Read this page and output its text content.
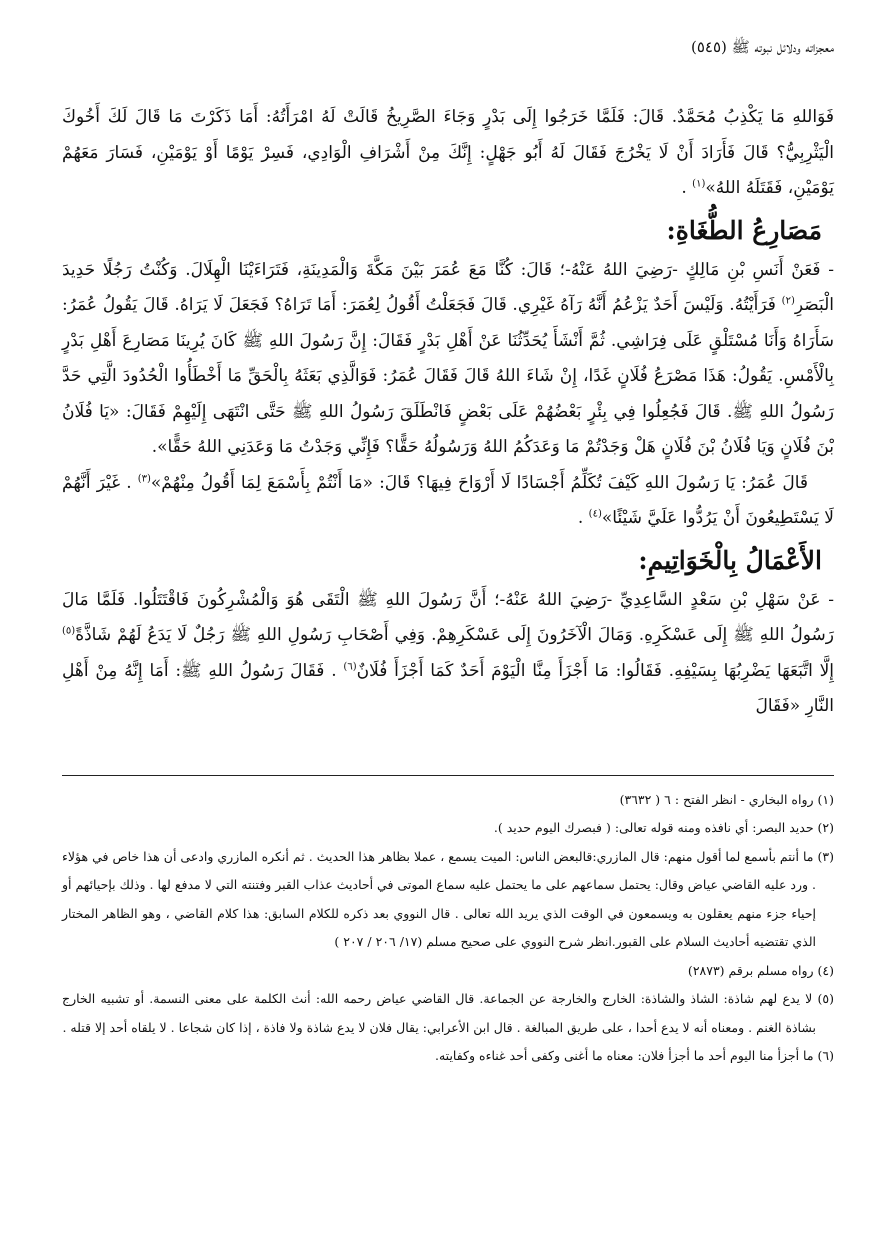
معجزاته ودلائل نبوته ﷺ (٥٤٥)

فَوَاللهِ مَا يَكْذِبُ مُحَمَّدٌ. قَالَ: فَلَمَّا خَرَجُوا إِلَى بَدْرٍ وَجَاءَ الصَّرِيخُ قَالَتْ لَهُ امْرَأَتُهُ: أَمَا ذَكَرْتَ مَا قَالَ لَكَ أَخُوكَ الْيَثْرِبِيُّ؟ قَالَ فَأَرَادَ أَنْ لَا يَخْرُجَ فَقَالَ لَهُ أَبُو جَهْلٍ: إِنَّكَ مِنْ أَشْرَافِ الْوَادِي، فَسِرْ يَوْمًا أَوْ يَوْمَيْنِ، فَسَارَ مَعَهُمْ يَوْمَيْنِ، فَقَتَلَهُ اللهُ»$^{(١)}$ .

مَصَارِعُ الطُّغَاةِ:

- فَعَنْ أَنَسِ بْنِ مَالِكٍ -رَضِيَ اللهُ عَنْهُ-؛ قَالَ: كُنَّا مَعَ عُمَرَ بَيْنَ مَكَّةَ وَالْمَدِينَةِ، فَتَرَاءَيْنَا الْهِلَالَ. وَكُنْتُ رَجُلًا حَدِيدَ الْبَصَرِ$^{(٢)}$ فَرَأَيْتُهُ. وَلَيْسَ أَحَدٌ يَزْعُمُ أَنَّهُ رَآهُ غَيْرِي. قَالَ فَجَعَلْتُ أَقُولُ لِعُمَرَ: أَمَا تَرَاهُ؟ فَجَعَلَ لَا يَرَاهُ. قَالَ يَقُولُ عُمَرُ: سَأَرَاهُ وَأَنَا مُسْتَلْقٍ عَلَى فِرَاشِي. ثُمَّ أَنْشَأَ يُحَدِّثُنَا عَنْ أَهْلِ بَدْرٍ فَقَالَ: إِنَّ رَسُولَ اللهِ ﷺ كَانَ يُرِينَا مَصَارِعَ أَهْلِ بَدْرٍ بِالْأَمْسِ. يَقُولُ: هَذَا مَصْرَعُ فُلَانٍ غَدًا، إِنْ شَاءَ اللهُ قَالَ فَقَالَ عُمَرُ: فَوَالَّذِي بَعَثَهُ بِالْحَقِّ مَا أَخْطَأُوا الْحُدُودَ الَّتِي حَدَّ رَسُولُ اللهِ ﷺ. قَالَ فَجُعِلُوا فِي بِئْرٍ بَعْضُهُمْ عَلَى بَعْضٍ فَانْطَلَقَ رَسُولُ اللهِ ﷺ حَتَّى انْتَهَى إِلَيْهِمْ فَقَالَ: «يَا فُلَانُ بْنَ فُلَانٍ وَيَا فُلَانُ بْنَ فُلَانٍ هَلْ وَجَدْتُمْ مَا وَعَدَكُمُ اللهُ وَرَسُولُهُ حَقًّا؟ فَإِنِّي وَجَدْتُ مَا وَعَدَنِي اللهُ حَقًّا».

قَالَ عُمَرُ: يَا رَسُولَ اللهِ كَيْفَ تُكَلِّمُ أَجْسَادًا لَا أَرْوَاحَ فِيهَا؟ قَالَ: «مَا أَنْتُمْ بِأَسْمَعَ لِمَا أَقُولُ مِنْهُمْ»$^{(٣)}$ . غَيْرَ أَنَّهُمْ لَا يَسْتَطِيعُونَ أَنْ يَرُدُّوا عَلَيَّ شَيْئًا»$^{(٤)}$ .

الأَعْمَالُ بِالْخَوَاتِيمِ:

- عَنْ سَهْلِ بْنِ سَعْدٍ السَّاعِدِيِّ -رَضِيَ اللهُ عَنْهُ-؛ أَنَّ رَسُولَ اللهِ ﷺ الْتَقَى هُوَ وَالْمُشْرِكُونَ فَاقْتَتَلُوا. فَلَمَّا مَالَ رَسُولُ اللهِ ﷺ إِلَى عَسْكَرِهِ. وَمَالَ الْآخَرُونَ إِلَى عَسْكَرِهِمْ. وَفِي أَصْحَابِ رَسُولِ اللهِ ﷺ رَجُلٌ لَا يَدَعُ لَهُمْ شَاذَّةً$^{(٥)}$ إِلَّا اتَّبَعَهَا يَضْرِبُهَا بِسَيْفِهِ. فَقَالُوا: مَا أَجْزَأَ مِنَّا الْيَوْمَ أَحَدٌ كَمَا أَجْزَأَ فُلَانٌ$^{(٦)}$ . فَقَالَ رَسُولُ اللهِ ﷺ: أَمَا إِنَّهُ مِنْ أَهْلِ النَّارِ «فَقَالَ

(١) رواه البخاري - انظر الفتح : ٦ ( ٣٦٣٢)

(٢) حديد البصر: أي نافذه ومنه قوله تعالى: ( فبصرك اليوم حديد ).

(٣) ما أنتم بأسمع لما أقول منهم: قال المازري:قالبعض الناس: الميت يسمع ، عملا بظاهر هذا الحديث . ثم أنكره المازري وادعى أن هذا خاص في هؤلاء . ورد عليه القاضي عياض وقال: يحتمل سماعهم على ما يحتمل عليه سماع الموتى في أحاديث عذاب القبر وفتنته التي لا مدفع لها . وذلك بإحيائهم أو إحياء جزء منهم يعقلون به ويسمعون في الوقت الذي يريد الله تعالى . قال النووي بعد ذكره للكلام السابق: هذا كلام القاضي ، وهو الظاهر المختار الذي تقتضيه أحاديث السلام على القبور.انظر شرح النووي على صحيح مسلم (١٧/ ٢٠٦ / ٢٠٧ )

(٤) رواه مسلم برقم (٢٨٧٣)

(٥) لا يدع لهم شاذة: الشاذ والشاذة: الخارج والخارجة عن الجماعة. قال القاضي عياض رحمه الله: أنث الكلمة على معنى النسمة. أو تشبيه الخارج بشاذة الغنم . ومعناه أنه لا يدع أحدا ، على طريق المبالغة . قال ابن الأعرابي: يقال فلان لا يدع شاذة ولا فاذة ، إذا كان شجاعا . لا يلقاه أحد إلا قتله .

(٦) ما أجزأ منا اليوم أحد ما أجزأ فلان: معناه ما أغنى وكفى أحد غناءه وكفايته.
